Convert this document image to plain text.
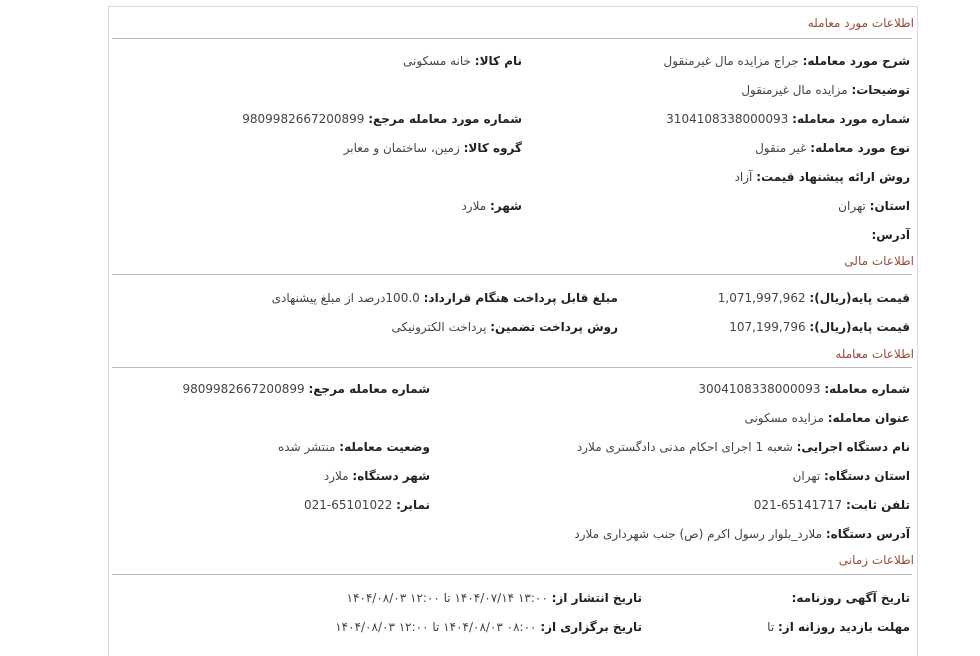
اطلاعات مورد معامله
شرح مورد معامله: جراج مزایده مال غیرمنقول
نام کالا: خانه مسکونی
توضیحات: مزایده مال غیرمنقول
شماره مورد معامله: 3104108338000093
شماره مورد معامله مرجع: 9809982667200899
نوع مورد معامله: غیر منقول
گروه کالا: زمین، ساختمان و معابر
روش ارائه پیشنهاد قیمت: آزاد
استان: تهران
شهر: ملارد
آدرس:
اطلاعات مالی
قیمت پایه(ریال): 1,071,997,962
مبلغ قابل پرداخت هنگام قرارداد: 100.0درصد از مبلغ پیشنهادی
قیمت پایه(ریال): 107,199,796
روش پرداخت تضمین: پرداخت الکترونیکی
اطلاعات معامله
شماره معامله: 3004108338000093
شماره معامله مرجع: 9809982667200899
عنوان معامله: مزایده مسکونی
نام دستگاه اجرایی: شعبه 1 اجرای احکام مدنی دادگستری ملارد
وضعیت معامله: منتشر شده
استان دستگاه: تهران
شهر دستگاه: ملارد
تلفن ثابت: 65141717-021
نمابر: 65101022-021
آدرس دستگاه: ملارد_بلوار رسول اکرم (ص) جنب شهرداری ملارد
اطلاعات زمانی
تاریخ آگهی روزنامه:
تاریخ انتشار از: ۱۳:۰۰ ۱۴۰۴/۰۷/۱۴ تا ۱۲:۰۰ ۱۴۰۴/۰۸/۰۳
مهلت بازدید روزانه از: تا
تاریخ برگزاری از: ۰۸:۰۰ ۱۴۰۴/۰۸/۰۳ تا ۱۲:۰۰ ۱۴۰۴/۰۸/۰۳
